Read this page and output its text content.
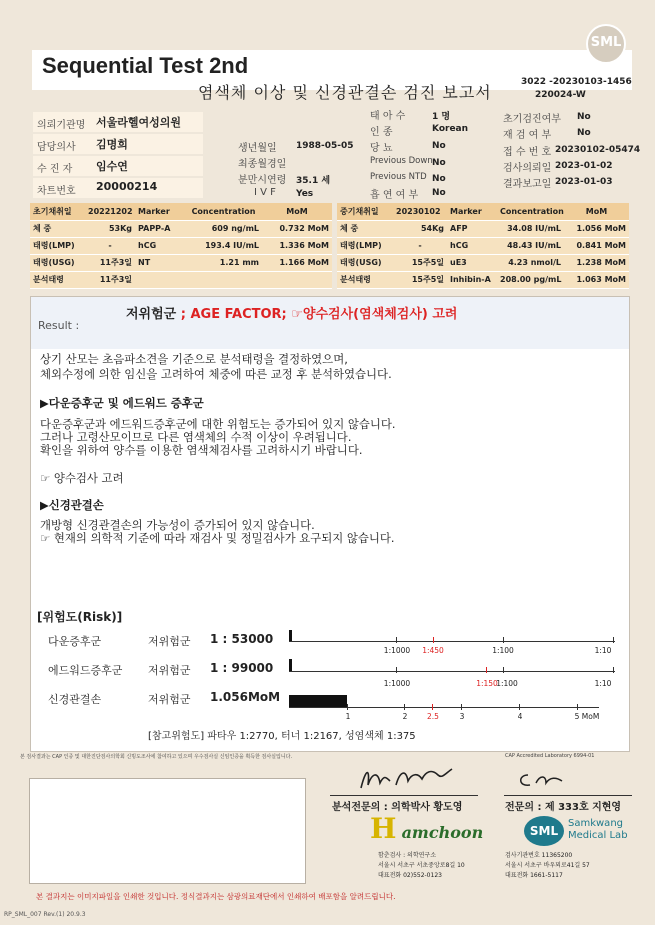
Sequential Test 2nd
염색체 이상 및 신경관결손 검진 보고서
3022 -20230103-1456
220024-W
SML
의뢰기관명 서울라헬여성의원
담당의사 김명희
수 진 자 임수연
차트번호 20000214
생년월일 1988-05-05
최종월경일
분만시연령 35.1 세
I V F Yes
태 아 수	1 명
인 종	Korean
당 뇨	No
Previous Down No
Previous NTD No
흡 연 여 부 No
초기검진여부 No
재 검 여 부	No
접 수 번 호 20230102-05474
검사의뢰일 2023-01-02
결과보고일 2023-01-03
초기채취일	20221202	Marker	Concentration	MoM
체 중	53Kg	PAPP-A	609 ng/mL	0.732 MoM
태령(LMP)	-	hCG	193.4 IU/mL	1.336 MoM
태령(USG)	11주3일	NT	1.21 mm	1.166 MoM
분석태령	11주3일			
중기채취일	20230102	Marker	Concentration	MoM
체 중	54Kg	AFP	34.08 IU/mL	1.056 MoM
태령(LMP)	-	hCG	48.43 IU/mL	0.841 MoM
태령(USG)	15주5일	uE3	4.23 nmol/L	1.238 MoM
분석태령	15주5일	Inhibin-A	208.00 pg/mL	1.063 MoM
Result :
저위험군 ; AGE FACTOR; ☞양수검사(염색체검사) 고려
상기 산모는 초음파소견을 기준으로 분석태령을 결정하였으며,
체외수정에 의한 임신을 고려하여 체중에 따른 교정 후 분석하였습니다.
▶다운증후군 및 에드워드 증후군
다운증후군과 에드워드증후군에 대한 위험도는 증가되어 있지 않습니다.
그러나 고령산모이므로 다른 염색체의 수적 이상이 우려됩니다.
확인을 위하여 양수를 이용한 염색체검사를 고려하시기 바랍니다.
☞ 양수검사 고려
▶신경관결손
개방형 신경관결손의 가능성이 증가되어 있지 않습니다.
☞ 현재의 의학적 기준에 따라 재검사 및 정밀검사가 요구되지 않습니다.
[위험도(Risk)]
다운증후군	저위험군 1 : 53000
1:1000 1:450	1:100	1:10
에드워드증후군 저위험군 1 : 99000
1:1000	1:150
1:100	1:10
신경관결손	저위험군 1.056MoM
1	2	2.5	3	4	5 MoM
[참고위험도] 파타우 1:2770, 터너 1:2167, 성염색체 1:375
본 검사결과는 CAP 인증 및 대한진단검사의학회 신빙도조사에 참여하고 있으며 우수검사실 신임인증을 획득한 검사실입니다.	CAP Accredited Laboratory 6994-01
분석전문의 : 의학박사 황도영	전문의 : 제 333호 지현영
H amchoon
함춘검사 : 의학연구소
서울시 서초구 서초중앙로8길 10
대표전화 02)552-0123
SML
Samkwang
Medical Lab
검사기관번호 11365200
서울시 서초구 바우뫼로41길 57
대표전화 1661-5117
본 결과지는 이미지파일을 인쇄한 것입니다. 정식결과지는 삼광의료재단에서 인쇄하여 배포함을 알려드립니다.
RP_SML_007 Rev.(1) 20.9.3
